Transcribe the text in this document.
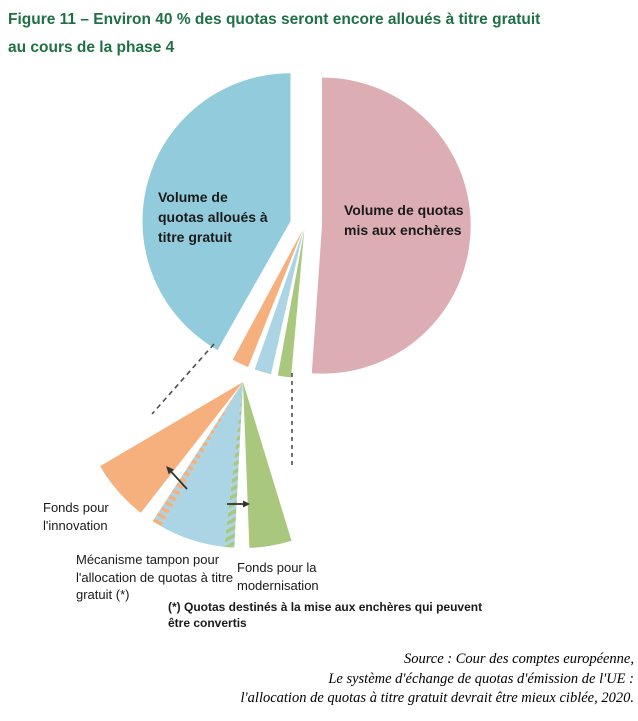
Figure 11 – Environ 40 % des quotas seront encore alloués à titre gratuit
au cours de la phase 4
Volume de quotas alloués à titre gratuit
Volume de quotas mis aux enchères
Fonds pour l'innovation
Mécanisme tampon pour l'allocation de quotas à titre gratuit (*)
Fonds pour la modernisation
(*) Quotas destinés à la mise aux enchères qui peuvent être convertis
Source : Cour des comptes européenne,
Le système d'échange de quotas d'émission de l'UE :
l'allocation de quotas à titre gratuit devrait être mieux ciblée, 2020.
